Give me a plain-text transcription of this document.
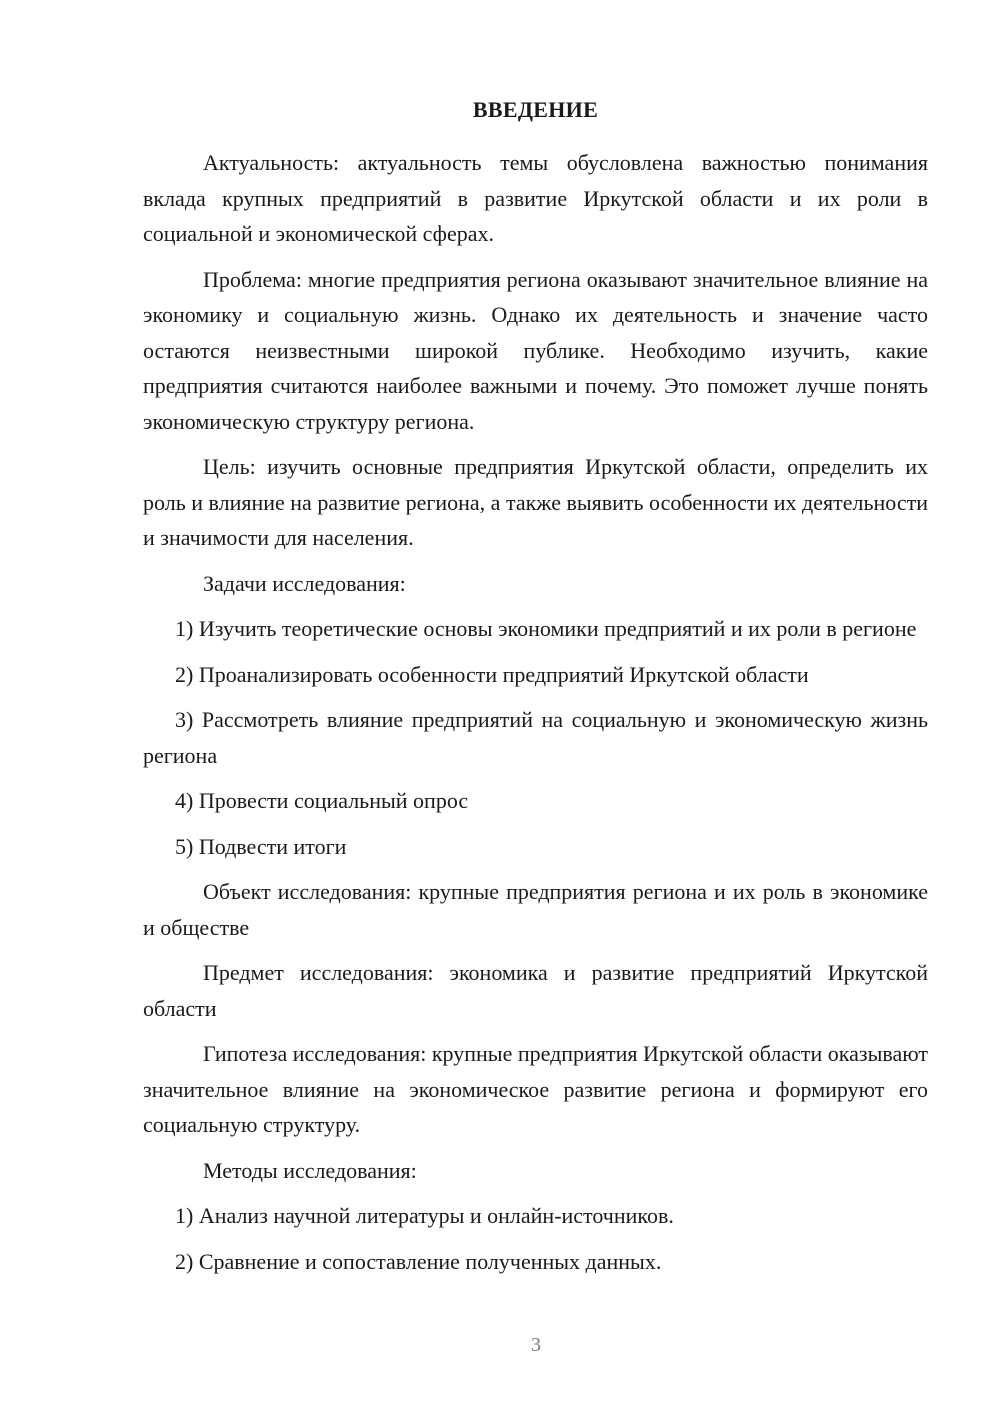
ВВЕДЕНИЕ

Актуальность: актуальность темы обусловлена важностью понимания вклада крупных предприятий в развитие Иркутской области и их роли в социальной и экономической сферах.

Проблема: многие предприятия региона оказывают значительное влияние на экономику и социальную жизнь. Однако их деятельность и значение часто остаются неизвестными широкой публике. Необходимо изучить, какие предприятия считаются наиболее важными и почему. Это поможет лучше понять экономическую структуру региона.

Цель: изучить основные предприятия Иркутской области, определить их роль и влияние на развитие региона, а также выявить особенности их деятельности и значимости для населения.

Задачи исследования:

1) Изучить теоретические основы экономики предприятий и их роли в регионе

2) Проанализировать особенности предприятий Иркутской области

3) Рассмотреть влияние предприятий на социальную и экономическую жизнь региона

4) Провести социальный опрос

5) Подвести итоги

Объект исследования: крупные предприятия региона и их роль в экономике и обществе

Предмет исследования: экономика и развитие предприятий Иркутской области

Гипотеза исследования: крупные предприятия Иркутской области оказывают значительное влияние на экономическое развитие региона и формируют его социальную структуру.

Методы исследования:

1) Анализ научной литературы и онлайн-источников.

2) Сравнение и сопоставление полученных данных.

3
